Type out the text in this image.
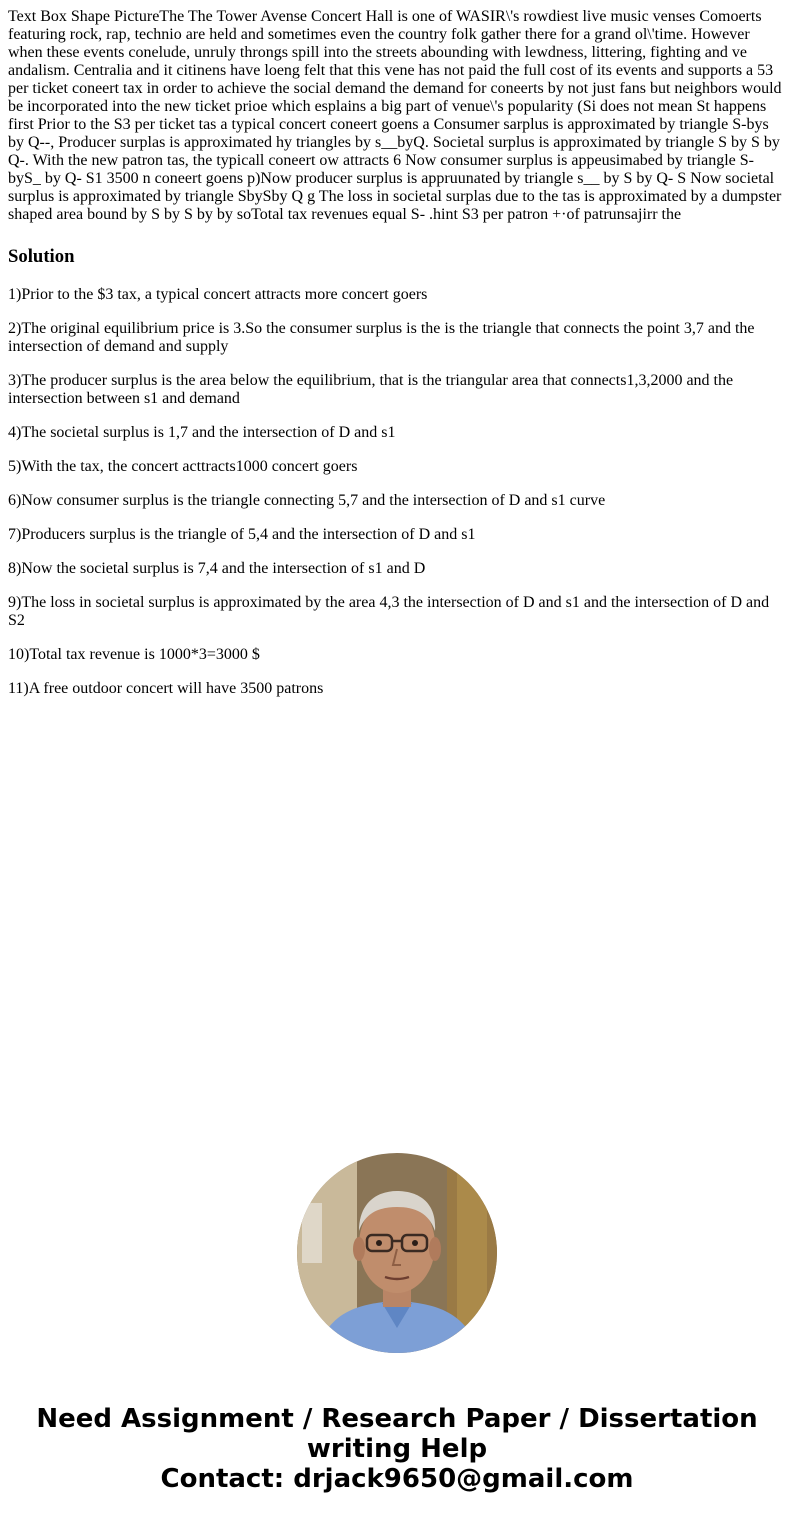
Text Box Shape PictureThe The Tower Avense Concert Hall is one of WASIR\'s rowdiest live music venses Comoerts featuring rock, rap, technio are held and sometimes even the country folk gather there for a grand ol\'time. However when these events conelude, unruly throngs spill into the streets abounding with lewdness, littering, fighting and ve andalism. Centralia and it citinens have loeng felt that this vene has not paid the full cost of its events and supports a 53 per ticket coneert tax in order to achieve the social demand the demand for coneerts by not just fans but neighbors would be incorporated into the new ticket prioe which esplains a big part of venue\'s popularity (Si does not mean St happens first Prior to the S3 per ticket tas a typical concert coneert goens a Consumer sarplus is approximated by triangle S-bys by Q--, Producer surplas is approximated hy triangles by s__byQ. Societal surplus is approximated by triangle S by S by Q-. With the new patron tas, the typicall coneert ow attracts 6 Now consumer surplus is appeusimabed by triangle S-byS_ by Q- S1 3500 n coneert goens p)Now producer surplus is appruunated by triangle s__ by S by Q- S Now societal surplus is approximated by triangle SbySby Q g The loss in societal surplas due to the tas is approximated by a dumpster shaped area bound by S by S by by soTotal tax revenues equal S- .hint S3 per patron +·of patrunsajirr the

Solution

1)Prior to the $3 tax, a typical concert attracts more concert goers

2)The original equilibrium price is 3.So the consumer surplus is the is the triangle that connects the point 3,7 and the intersection of demand and supply

3)The producer surplus is the area below the equilibrium, that is the triangular area that connects1,3,2000 and the intersection between s1 and demand

4)The societal surplus is 1,7 and the intersection of D and s1

5)With the tax, the concert acttracts1000 concert goers

6)Now consumer surplus is the triangle connecting 5,7 and the intersection of D and s1 curve

7)Producers surplus is the triangle of 5,4 and the intersection of D and s1

8)Now the societal surplus is 7,4 and the intersection of s1 and D

9)The loss in societal surplus is approximated by the area 4,3 the intersection of D and s1 and the intersection of D and S2

10)Total tax revenue is 1000*3=3000 $

11)A free outdoor concert will have 3500 patrons

Need Assignment / Research Paper / Dissertation
writing Help
Contact: drjack9650@gmail.com
